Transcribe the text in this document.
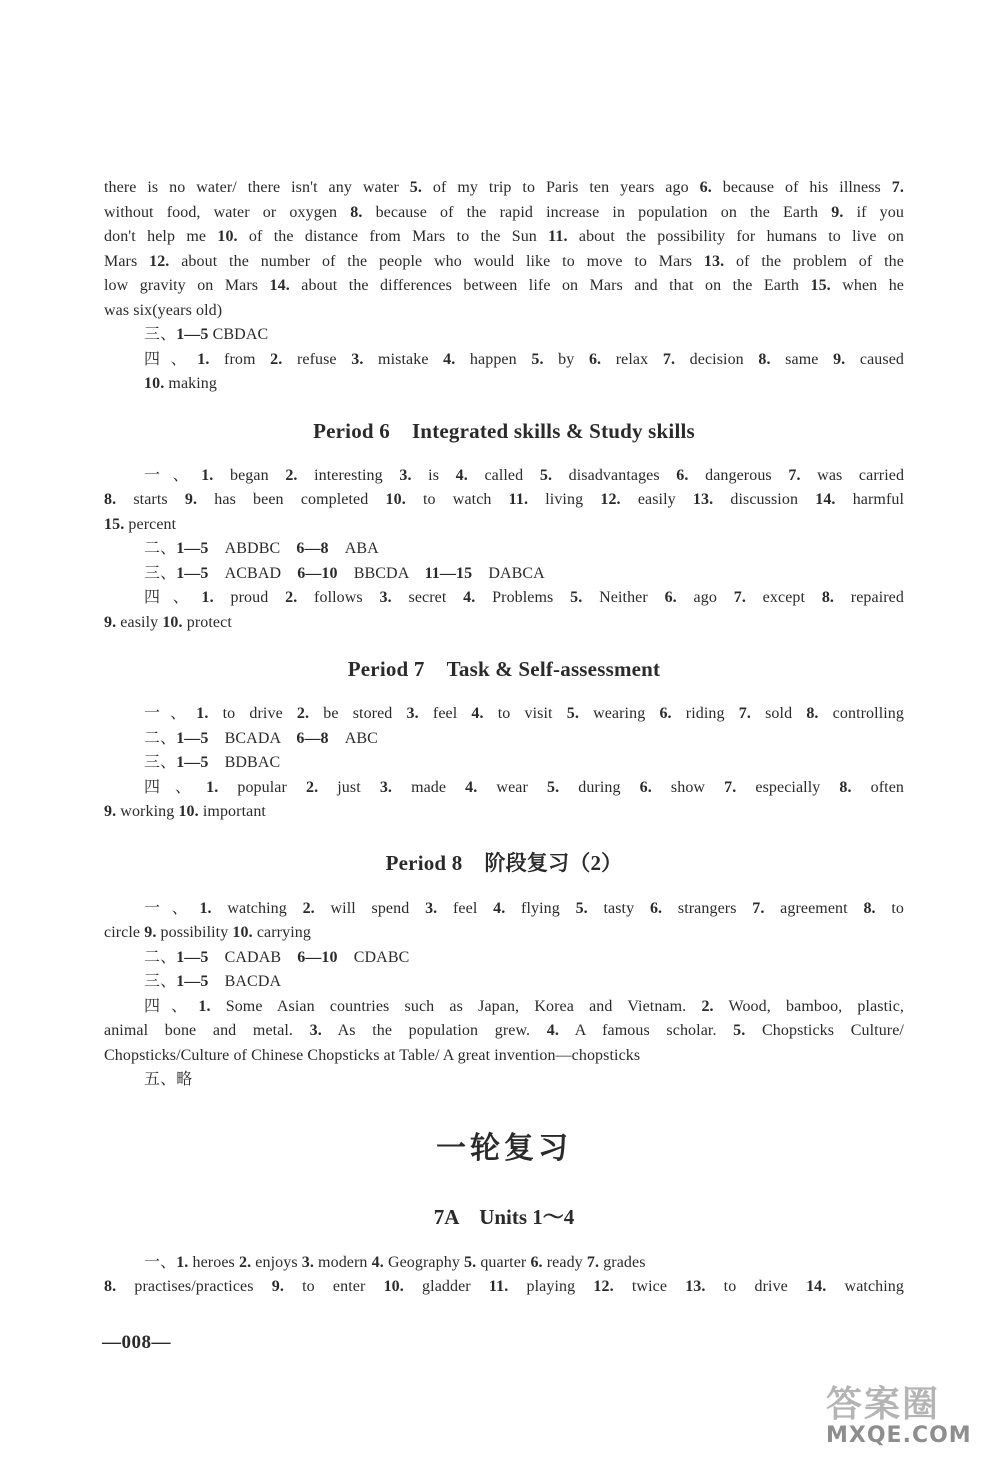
there is no water/ there isn't any water 5. of my trip to Paris ten years ago 6. because of his illness 7.
without food, water or oxygen 8. because of the rapid increase in population on the Earth 9. if you
don't help me 10. of the distance from Mars to the Sun 11. about the possibility for humans to live on
Mars 12. about the number of the people who would like to move to Mars 13. of the problem of the
low gravity on Mars 14. about the differences between life on Mars and that on the Earth 15. when he
was six(years old)
三、1—5 CBDAC
四、1. from 2. refuse 3. mistake 4. happen 5. by 6. relax 7. decision 8. same 9. caused
10. making
Period 6 Integrated skills & Study skills
一、1. began 2. interesting 3. is 4. called 5. disadvantages 6. dangerous 7. was carried
8. starts 9. has been completed 10. to watch 11. living 12. easily 13. discussion 14. harmful
15. percent
二、1—5　ABDBC　6—8　ABA
三、1—5　ACBAD　6—10　BBCDA　11—15　DABCA
四、1. proud 2. follows 3. secret 4. Problems 5. Neither 6. ago 7. except 8. repaired
9. easily 10. protect
Period 7 Task & Self-assessment
一、1. to drive 2. be stored 3. feel 4. to visit 5. wearing 6. riding 7. sold 8. controlling
二、1—5　BCADA　6—8　ABC
三、1—5　BDBAC
四、1. popular 2. just 3. made 4. wear 5. during 6. show 7. especially 8. often
9. working 10. important
Period 8 阶段复习（2）
一、1. watching 2. will spend 3. feel 4. flying 5. tasty 6. strangers 7. agreement 8. to
circle 9. possibility 10. carrying
二、1—5　CADAB　6—10　CDABC
三、1—5　BACDA
四、1. Some Asian countries such as Japan, Korea and Vietnam. 2. Wood, bamboo, plastic,
animal bone and metal. 3. As the population grew. 4. A famous scholar. 5. Chopsticks Culture/
Chopsticks/Culture of Chinese Chopsticks at Table/ A great invention—chopsticks
五、略
一轮复习
7A　Units 1～4
一、1. heroes 2. enjoys 3. modern 4. Geography 5. quarter 6. ready 7. grades
8. practises/practices 9. to enter 10. gladder 11. playing 12. twice 13. to drive 14. watching
—008—
答案圈
MXQE.COM
